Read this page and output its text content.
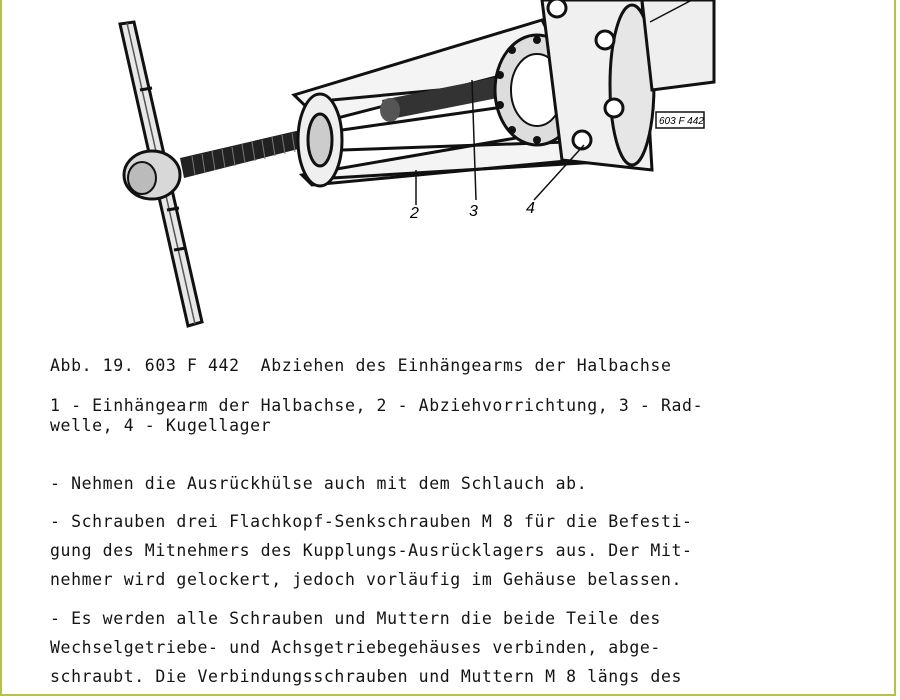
2	3	4
603 F 442
Abb. 19. 603 F 442  Abziehen des Einhängearms der Halbachse
1 - Einhängearm der Halbachse, 2 - Abziehvorrichtung, 3 - Rad-
welle, 4 - Kugellager
- Nehmen die Ausrückhülse auch mit dem Schlauch ab.
- Schrauben drei Flachkopf-Senkschrauben M 8 für die Befesti-
gung des Mitnehmers des Kupplungs-Ausrücklagers aus. Der Mit-
nehmer wird gelockert, jedoch vorläufig im Gehäuse belassen.
- Es werden alle Schrauben und Muttern die beide Teile des
Wechselgetriebe- und Achsgetriebegehäuses verbinden, abge-
schraubt. Die Verbindungsschrauben und Muttern M 8 längs des
